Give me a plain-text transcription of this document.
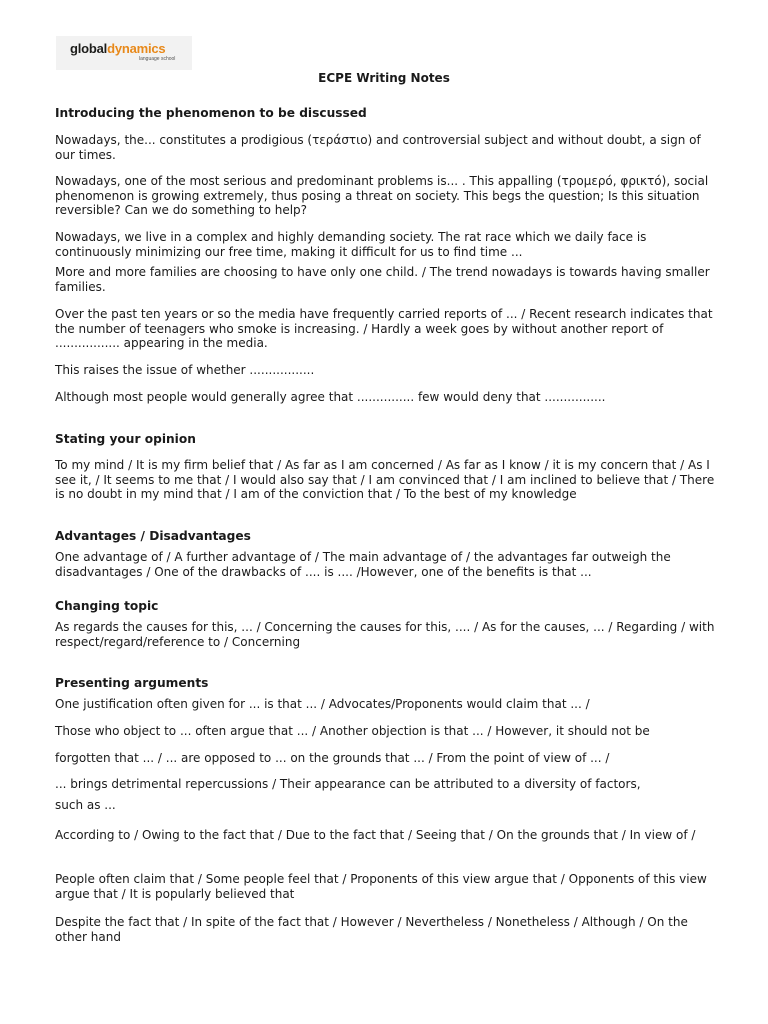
globaldynamics
language school
ECPE Writing Notes
Introducing the phenomenon to be discussed
Nowadays, the... constitutes a prodigious (τεράστιο) and controversial subject and without doubt, a sign of our times.
Nowadays, one of the most serious and predominant problems is... . This appalling (τρομερό, φρικτό), social phenomenon is growing extremely, thus posing a threat on society. This begs the question; Is this situation reversible? Can we do something to help?
Nowadays, we live in a complex and highly demanding society. The rat race which we daily face is continuously minimizing our free time, making it difficult for us to find time ...
More and more families are choosing to have only one child. / The trend nowadays is towards having smaller families.
Over the past ten years or so the media have frequently carried reports of ... / Recent research indicates that the number of teenagers who smoke is increasing. / Hardly a week goes by without another report of ................. appearing in the media.
This raises the issue of whether .................
Although most people would generally agree that ............... few would deny that ................
Stating your opinion
To my mind / It is my firm belief that / As far as I am concerned / As far as I know / it is my concern that / As I see it, / It seems to me that / I would also say that / I am convinced that / I am inclined to believe that / There is no doubt in my mind that / I am of the conviction that / To the best of my knowledge
Advantages / Disadvantages
One advantage of / A further advantage of / The main advantage of / the advantages far outweigh the disadvantages / One of the drawbacks of .... is .... /However, one of the benefits is that ...
Changing topic
As regards the causes for this, ... / Concerning the causes for this, .... / As for the causes, ... / Regarding / with respect/regard/reference to / Concerning
Presenting arguments
One justification often given for ... is that ... / Advocates/Proponents would claim that ... /
Those who object to ... often argue that ... / Another objection is that ... / However, it should not be
forgotten that ... / ... are opposed to ... on the grounds that ... / From the point of view of ... /
... brings detrimental repercussions / Their appearance can be attributed to a diversity of factors,
such as ...
According to / Owing to the fact that / Due to the fact that / Seeing that / On the grounds that / In view of /
People often claim that / Some people feel that / Proponents of this view argue that / Opponents of this view argue that / It is popularly believed that
Despite the fact that / In spite of the fact that / However / Nevertheless / Nonetheless / Although / On the other hand
